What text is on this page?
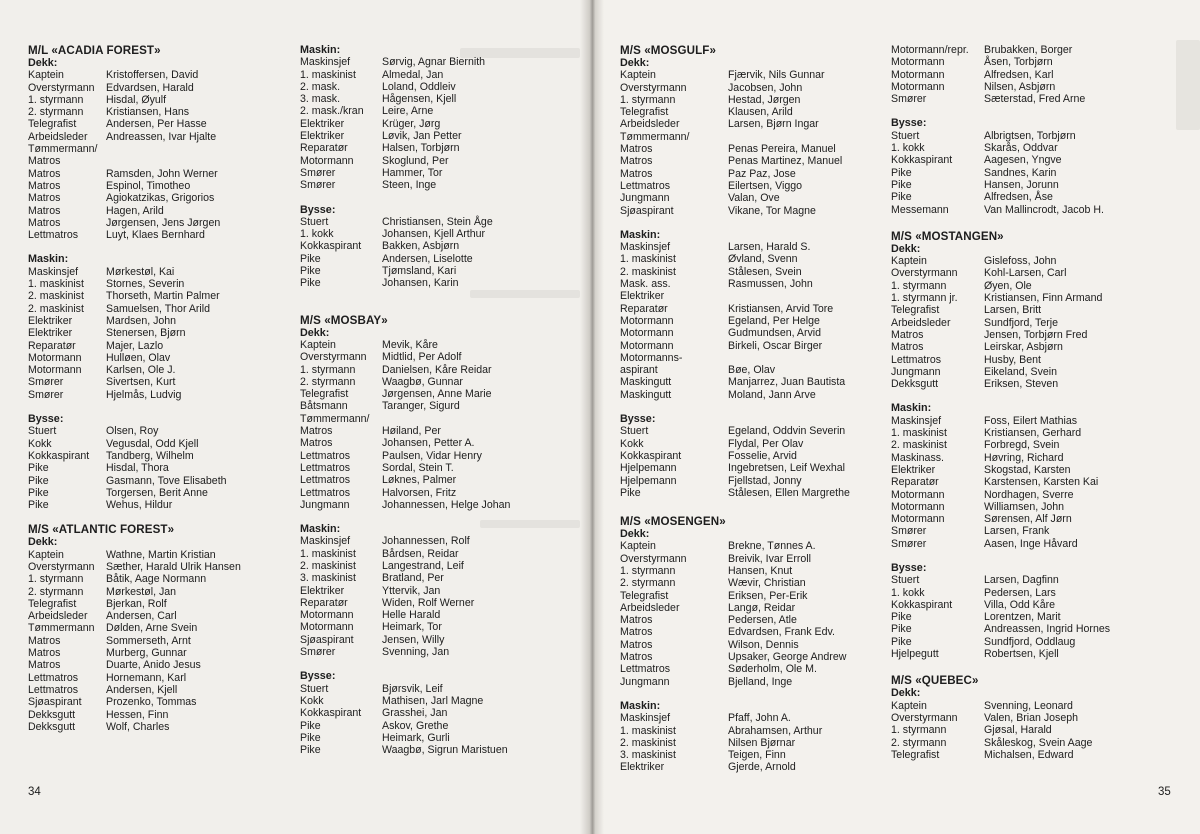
M/L «ACADIA FOREST»
Dekk:
Kaptein	Kristoffersen, David
Overstyrmann	Edvardsen, Harald
1. styrmann	Hisdal, Øyulf
2. styrmann	Kristiansen, Hans
Telegrafist	Andersen, Per Hasse
Arbeidsleder	Andreassen, Ivar Hjalte
Tømmermann/
Matros
Matros	Ramsden, John Werner
Matros	Espinol, Timotheo
Matros	Agiokatzikas, Grigorios
Matros	Hagen, Arild
Matros	Jørgensen, Jens Jørgen
Lettmatros	Luyt, Klaes Bernhard
Maskin:
Maskinsjef	Mørkestøl, Kai
1. maskinist	Stornes, Severin
2. maskinist	Thorseth, Martin Palmer
2. maskinist	Samuelsen, Thor Arild
Elektriker	Mardsen, John
Elektriker	Stenersen, Bjørn
Reparatør	Majer, Lazlo
Motormann	Hulløen, Olav
Motormann	Karlsen, Ole J.
Smører	Sivertsen, Kurt
Smører	Hjelmås, Ludvig
Bysse:
Stuert	Olsen, Roy
Kokk	Vegusdal, Odd Kjell
Kokkaspirant	Tandberg, Wilhelm
Pike	Hisdal, Thora
Pike	Gasmann, Tove Elisabeth
Pike	Torgersen, Berit Anne
Pike	Wehus, Hildur
M/S «ATLANTIC FOREST»
Dekk:
Kaptein	Wathne, Martin Kristian
Overstyrmann	Sæther, Harald Ulrik Hansen
1. styrmann	Båtik, Aage Normann
2. styrmann	Mørkestøl, Jan
Telegrafist	Bjerkan, Rolf
Arbeidsleder	Andersen, Carl
Tømmermann	Dølden, Arne Svein
Matros	Sommerseth, Arnt
Matros	Murberg, Gunnar
Matros	Duarte, Anido Jesus
Lettmatros	Hornemann, Karl
Lettmatros	Andersen, Kjell
Sjøaspirant	Prozenko, Tommas
Dekksgutt	Hessen, Finn
Dekksgutt	Wolf, Charles
Maskin:
Maskinsjef	Sørvig, Agnar Biernith
1. maskinist	Almedal, Jan
2. mask.	Loland, Oddleiv
3. mask.	Hågensen, Kjell
2. mask./kran	Leire, Arne
Elektriker	Krüger, Jørg
Elektriker	Løvik, Jan Petter
Reparatør	Halsen, Torbjørn
Motormann	Skoglund, Per
Smører	Hammer, Tor
Smører	Steen, Inge
Bysse:
Stuert	Christiansen, Stein Åge
1. kokk	Johansen, Kjell Arthur
Kokkaspirant	Bakken, Asbjørn
Pike	Andersen, Liselotte
Pike	Tjømsland, Kari
Pike	Johansen, Karin
M/S «MOSBAY»
Dekk:
Kaptein	Mevik, Kåre
Overstyrmann	Midtlid, Per Adolf
1. styrmann	Danielsen, Kåre Reidar
2. styrmann	Waagbø, Gunnar
Telegrafist	Jørgensen, Anne Marie
Båtsmann	Taranger, Sigurd
Tømmermann/
Matros	Høiland, Per
Matros	Johansen, Petter A.
Lettmatros	Paulsen, Vidar Henry
Lettmatros	Sordal, Stein T.
Lettmatros	Løknes, Palmer
Lettmatros	Halvorsen, Fritz
Jungmann	Johannessen, Helge Johan
Maskin:
Maskinsjef	Johannessen, Rolf
1. maskinist	Bårdsen, Reidar
2. maskinist	Langestrand, Leif
3. maskinist	Bratland, Per
Elektriker	Yttervik, Jan
Reparatør	Widen, Rolf Werner
Motormann	Helle Harald
Motormann	Heimark, Tor
Sjøaspirant	Jensen, Willy
Smører	Svenning, Jan
Bysse:
Stuert	Bjørsvik, Leif
Kokk	Mathisen, Jarl Magne
Kokkaspirant	Grasshei, Jan
Pike	Askov, Grethe
Pike	Heimark, Gurli
Pike	Waagbø, Sigrun Maristuen
M/S «MOSGULF»
Dekk:
Kaptein	Fjærvik, Nils Gunnar
Overstyrmann	Jacobsen, John
1. styrmann	Hestad, Jørgen
Telegrafist	Klausen, Arild
Arbeidsleder	Larsen, Bjørn Ingar
Tømmermann/
Matros	Penas Pereira, Manuel
Matros	Penas Martinez, Manuel
Matros	Paz Paz, Jose
Lettmatros	Eilertsen, Viggo
Jungmann	Valan, Ove
Sjøaspirant	Vikane, Tor Magne
Maskin:
Maskinsjef	Larsen, Harald S.
1. maskinist	Øvland, Svenn
2. maskinist	Stålesen, Svein
Mask. ass.	Rasmussen, John
Elektriker
Reparatør	Kristiansen, Arvid Tore
Motormann	Egeland, Per Helge
Motormann	Gudmundsen, Arvid
Motormann	Birkeli, Oscar Birger
Motormanns-
aspirant	Bøe, Olav
Maskingutt	Manjarrez, Juan Bautista
Maskingutt	Moland, Jann Arve
Bysse:
Stuert	Egeland, Oddvin Severin
Kokk	Flydal, Per Olav
Kokkaspirant	Fosselie, Arvid
Hjelpemann	Ingebretsen, Leif Wexhal
Hjelpemann	Fjellstad, Jonny
Pike	Stålesen, Ellen Margrethe
M/S «MOSENGEN»
Dekk:
Kaptein	Brekne, Tønnes A.
Overstyrmann	Breivik, Ivar Erroll
1. styrmann	Hansen, Knut
2. styrmann	Wævir, Christian
Telegrafist	Eriksen, Per-Erik
Arbeidsleder	Langø, Reidar
Matros	Pedersen, Atle
Matros	Edvardsen, Frank Edv.
Matros	Wilson, Dennis
Matros	Upsaker, George Andrew
Lettmatros	Søderholm, Ole M.
Jungmann	Bjelland, Inge
Maskin:
Maskinsjef	Pfaff, John A.
1. maskinist	Abrahamsen, Arthur
2. maskinist	Nilsen Bjørnar
3. maskinist	Teigen, Finn
Elektriker	Gjerde, Arnold
Motormann/repr.	Brubakken, Borger
Motormann	Åsen, Torbjørn
Motormann	Alfredsen, Karl
Motormann	Nilsen, Asbjørn
Smører	Sæterstad, Fred Arne
Bysse:
Stuert	Albrigtsen, Torbjørn
1. kokk	Skarås, Oddvar
Kokkaspirant	Aagesen, Yngve
Pike	Sandnes, Karin
Pike	Hansen, Jorunn
Pike	Alfredsen, Åse
Messemann	Van Mallincrodt, Jacob H.
M/S «MOSTANGEN»
Dekk:
Kaptein	Gislefoss, John
Overstyrmann	Kohl-Larsen, Carl
1. styrmann	Øyen, Ole
1. styrmann jr.	Kristiansen, Finn Armand
Telegrafist	Larsen, Britt
Arbeidsleder	Sundfjord, Terje
Matros	Jensen, Torbjørn Fred
Matros	Leirskar, Asbjørn
Lettmatros	Husby, Bent
Jungmann	Eikeland, Svein
Dekksgutt	Eriksen, Steven
Maskin:
Maskinsjef	Foss, Eilert Mathias
1. maskinist	Kristiansen, Gerhard
2. maskinist	Forbregd, Svein
Maskinass.	Høvring, Richard
Elektriker	Skogstad, Karsten
Reparatør	Karstensen, Karsten Kai
Motormann	Nordhagen, Sverre
Motormann	Williamsen, John
Motormann	Sørensen, Alf Jørn
Smører	Larsen, Frank
Smører	Aasen, Inge Håvard
Bysse:
Stuert	Larsen, Dagfinn
1. kokk	Pedersen, Lars
Kokkaspirant	Villa, Odd Kåre
Pike	Lorentzen, Marit
Pike	Andreassen, Ingrid Hornes
Pike	Sundfjord, Oddlaug
Hjelpegutt	Robertsen, Kjell
M/S «QUEBEC»
Dekk:
Kaptein	Svenning, Leonard
Overstyrmann	Valen, Brian Joseph
1. styrmann	Gjøsal, Harald
2. styrmann	Skåleskog, Svein Aage
Telegrafist	Michalsen, Edward
34	35
